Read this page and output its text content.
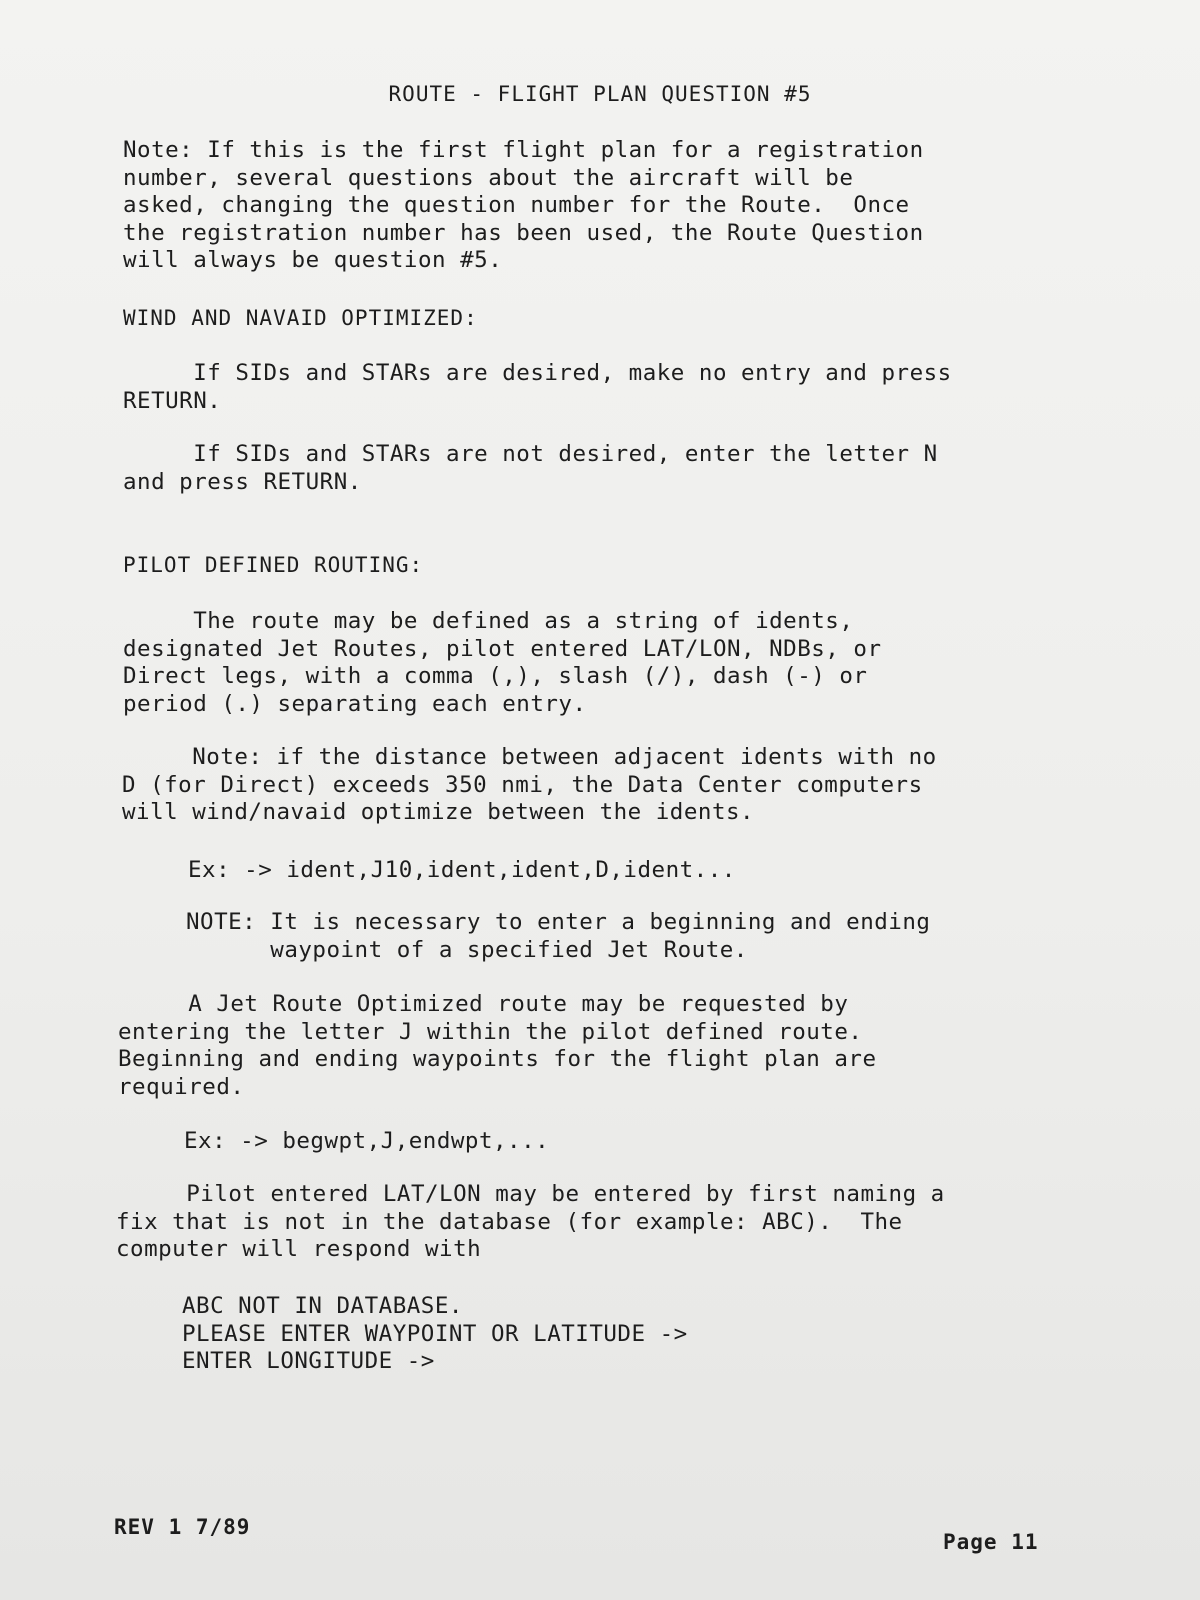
ROUTE - FLIGHT PLAN QUESTION #5
Note: If this is the first flight plan for a registration
number, several questions about the aircraft will be
asked, changing the question number for the Route.  Once
the registration number has been used, the Route Question
will always be question #5.
WIND AND NAVAID OPTIMIZED:
If SIDs and STARs are desired, make no entry and press
RETURN.
If SIDs and STARs are not desired, enter the letter N
and press RETURN.
PILOT DEFINED ROUTING:
The route may be defined as a string of idents,
designated Jet Routes, pilot entered LAT/LON, NDBs, or
Direct legs, with a comma (,), slash (/), dash (-) or
period (.) separating each entry.
Note: if the distance between adjacent idents with no
D (for Direct) exceeds 350 nmi, the Data Center computers
will wind/navaid optimize between the idents.
Ex: -> ident,J10,ident,ident,D,ident...
NOTE: It is necessary to enter a beginning and ending
waypoint of a specified Jet Route.
A Jet Route Optimized route may be requested by
entering the letter J within the pilot defined route.
Beginning and ending waypoints for the flight plan are
required.
Ex: -> begwpt,J,endwpt,...
Pilot entered LAT/LON may be entered by first naming a
fix that is not in the database (for example: ABC).  The
computer will respond with
ABC NOT IN DATABASE.
PLEASE ENTER WAYPOINT OR LATITUDE ->
ENTER LONGITUDE ->
REV 1 7/89
Page 11
